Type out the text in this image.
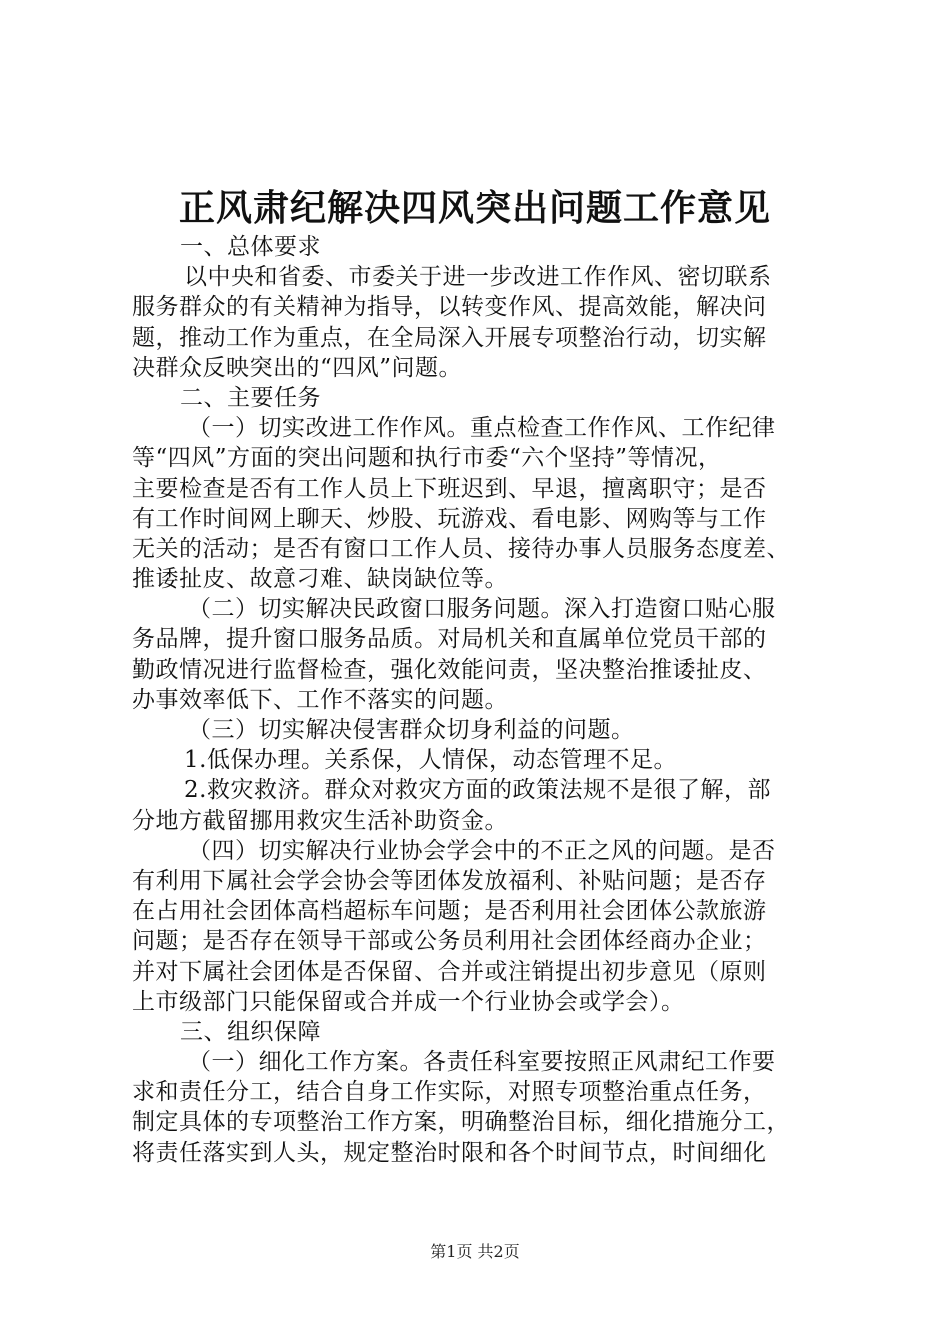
正风肃纪解决四风突出问题工作意见
一、总体要求
以中央和省委、市委关于进一步改进工作作风、密切联系
服务群众的有关精神为指导，以转变作风、提高效能，解决问
题，推动工作为重点，在全局深入开展专项整治行动，切实解
决群众反映突出的“四风”问题。
二、主要任务
（一）切实改进工作作风。重点检查工作作风、工作纪律
等“四风”方面的突出问题和执行市委“六个坚持”等情况，
主要检查是否有工作人员上下班迟到、早退，擅离职守；是否
有工作时间网上聊天、炒股、玩游戏、看电影、网购等与工作
无关的活动；是否有窗口工作人员、接待办事人员服务态度差、
推诿扯皮、故意刁难、缺岗缺位等。
（二）切实解决民政窗口服务问题。深入打造窗口贴心服
务品牌，提升窗口服务品质。对局机关和直属单位党员干部的
勤政情况进行监督检查，强化效能问责，坚决整治推诿扯皮、
办事效率低下、工作不落实的问题。
（三）切实解决侵害群众切身利益的问题。
1.低保办理。关系保，人情保，动态管理不足。
2.救灾救济。群众对救灾方面的政策法规不是很了解，部
分地方截留挪用救灾生活补助资金。
（四）切实解决行业协会学会中的不正之风的问题。是否
有利用下属社会学会协会等团体发放福利、补贴问题；是否存
在占用社会团体高档超标车问题；是否利用社会团体公款旅游
问题；是否存在领导干部或公务员利用社会团体经商办企业；
并对下属社会团体是否保留、合并或注销提出初步意见（原则
上市级部门只能保留或合并成一个行业协会或学会）。
三、组织保障
（一）细化工作方案。各责任科室要按照正风肃纪工作要
求和责任分工，结合自身工作实际，对照专项整治重点任务，
制定具体的专项整治工作方案，明确整治目标，细化措施分工，
将责任落实到人头，规定整治时限和各个时间节点，时间细化
第1页 共2页
